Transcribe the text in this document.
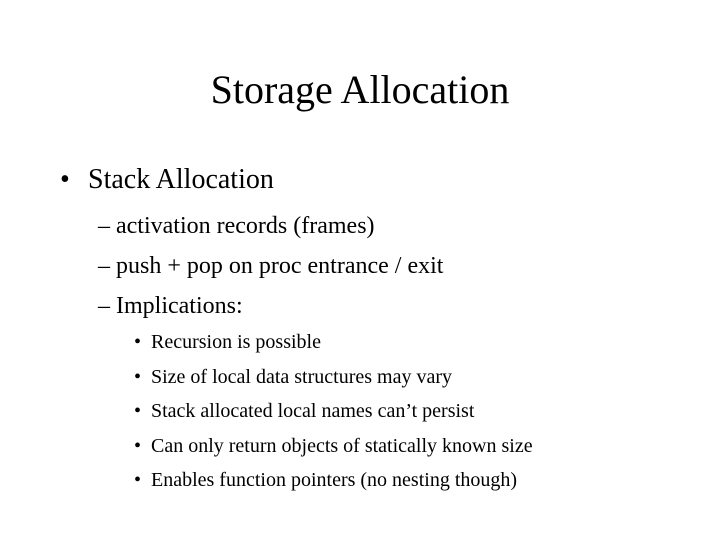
Storage Allocation
• Stack Allocation
– activation records (frames)
– push + pop on proc entrance / exit
– Implications:
• Recursion is possible
• Size of local data structures may vary
• Stack allocated local names can’t persist
• Can only return objects of statically known size
• Enables function pointers (no nesting though)
